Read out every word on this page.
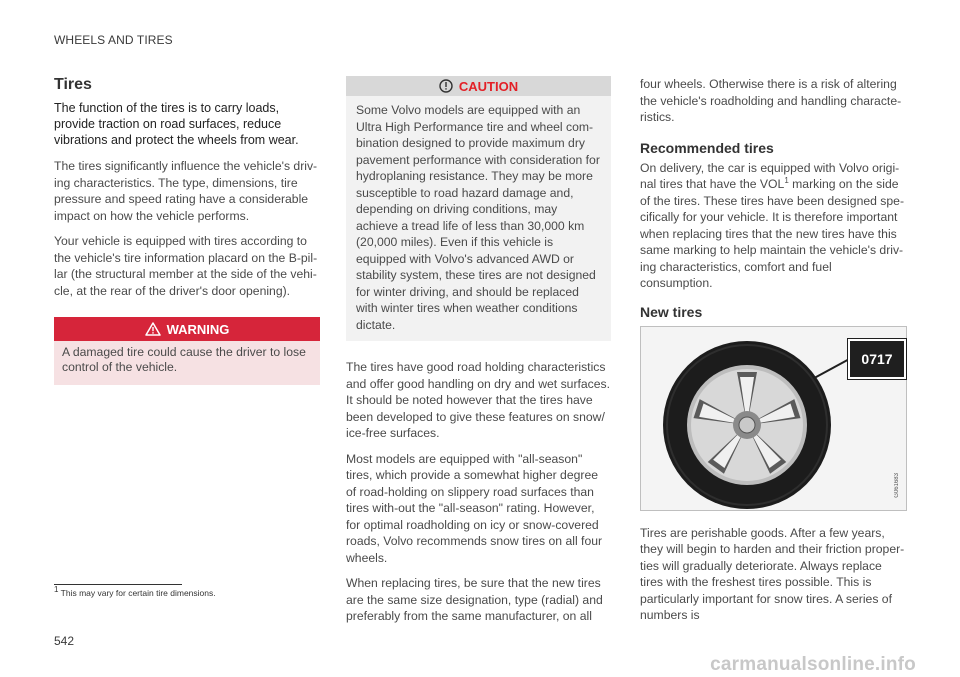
WHEELS AND TIRES
Tires

The function of the tires is to carry loads, provide traction on road surfaces, reduce vibrations and protect the wheels from wear.

The tires significantly influence the vehicle's driv-ing characteristics. The type, dimensions, tire pressure and speed rating have a considerable impact on how the vehicle performs.

Your vehicle is equipped with tires according to the vehicle's tire information placard on the B-pil-lar (the structural member at the side of the vehi-cle, at the rear of the driver's door opening).

WARNING
A damaged tire could cause the driver to lose control of the vehicle.
CAUTION
Some Volvo models are equipped with an Ultra High Performance tire and wheel com-bination designed to provide maximum dry pavement performance with consideration for hydroplaning resistance. They may be more susceptible to road hazard damage and, depending on driving conditions, may achieve a tread life of less than 30,000 km (20,000 miles). Even if this vehicle is equipped with Volvo's advanced AWD or stability system, these tires are not designed for winter driving, and should be replaced with winter tires when weather conditions dictate.

The tires have good road holding characteristics and offer good handling on dry and wet surfaces. It should be noted however that the tires have been developed to give these features on snow/ ice-free surfaces.

Most models are equipped with "all-season" tires, which provide a somewhat higher degree of road-holding on slippery road surfaces than tires with-out the "all-season" rating. However, for optimal roadholding on icy or snow-covered roads, Volvo recommends snow tires on all four wheels.

When replacing tires, be sure that the new tires are the same size designation, type (radial) and preferably from the same manufacturer, on all

four wheels. Otherwise there is a risk of altering the vehicle's roadholding and handling characte-ristics.

Recommended tires

On delivery, the car is equipped with Volvo origi-nal tires that have the VOL$^1$ marking on the side of the tires. These tires have been designed spe-cifically for your vehicle. It is therefore important when replacing tires that the new tires have this same marking to help maintain the vehicle's driv-ing characteristics, comfort and fuel consumption.

New tires
0717
G061683

Tires are perishable goods. After a few years, they will begin to harden and their friction proper-ties will gradually deteriorate. Always replace tires with the freshest tires possible. This is particularly important for snow tires. A series of numbers is

$^1$ This may vary for certain tire dimensions.
542
carmanualsonline.info
